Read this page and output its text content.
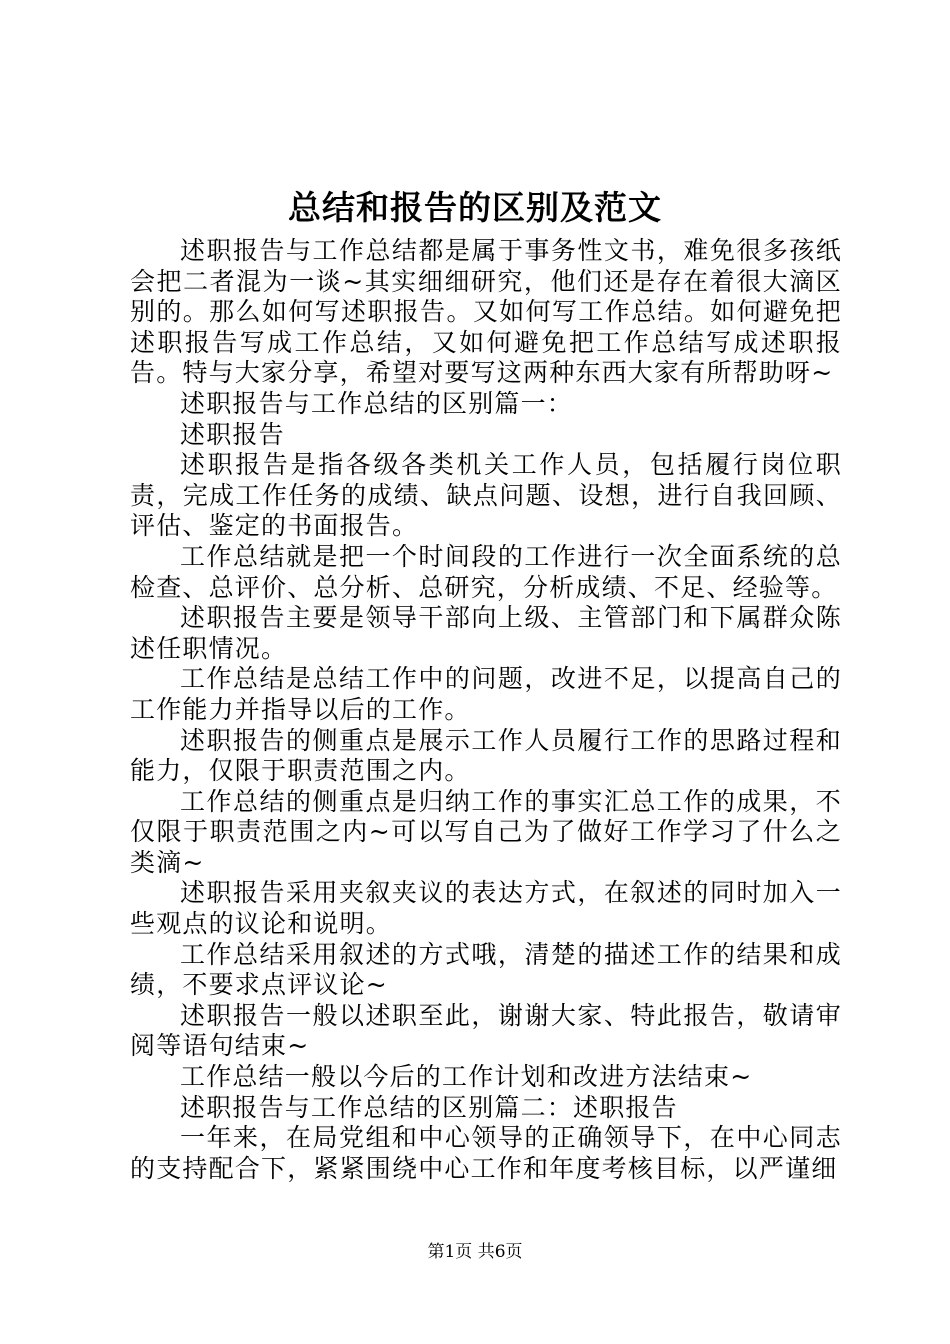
总结和报告的区别及范文

述职报告与工作总结都是属于事务性文书，难免很多孩纸会把二者混为一谈~其实细细研究，他们还是存在着很大滴区别的。那么如何写述职报告。又如何写工作总结。如何避免把述职报告写成工作总结，又如何避免把工作总结写成述职报告。特与大家分享，希望对要写这两种东西大家有所帮助呀~

述职报告与工作总结的区别篇一：

述职报告

述职报告是指各级各类机关工作人员，包括履行岗位职责，完成工作任务的成绩、缺点问题、设想，进行自我回顾、评估、鉴定的书面报告。

工作总结就是把一个时间段的工作进行一次全面系统的总检查、总评价、总分析、总研究，分析成绩、不足、经验等。

述职报告主要是领导干部向上级、主管部门和下属群众陈述任职情况。

工作总结是总结工作中的问题，改进不足，以提高自己的工作能力并指导以后的工作。

述职报告的侧重点是展示工作人员履行工作的思路过程和能力，仅限于职责范围之内。

工作总结的侧重点是归纳工作的事实汇总工作的成果，不仅限于职责范围之内~可以写自己为了做好工作学习了什么之类滴~

述职报告采用夹叙夹议的表达方式，在叙述的同时加入一些观点的议论和说明。

工作总结采用叙述的方式哦，清楚的描述工作的结果和成绩，不要求点评议论~

述职报告一般以述职至此，谢谢大家、特此报告，敬请审阅等语句结束~

工作总结一般以今后的工作计划和改进方法结束~

述职报告与工作总结的区别篇二：述职报告

一年来，在局党组和中心领导的正确领导下，在中心同志的支持配合下，紧紧围绕中心工作和年度考核目标，以严谨细

第1页 共6页
